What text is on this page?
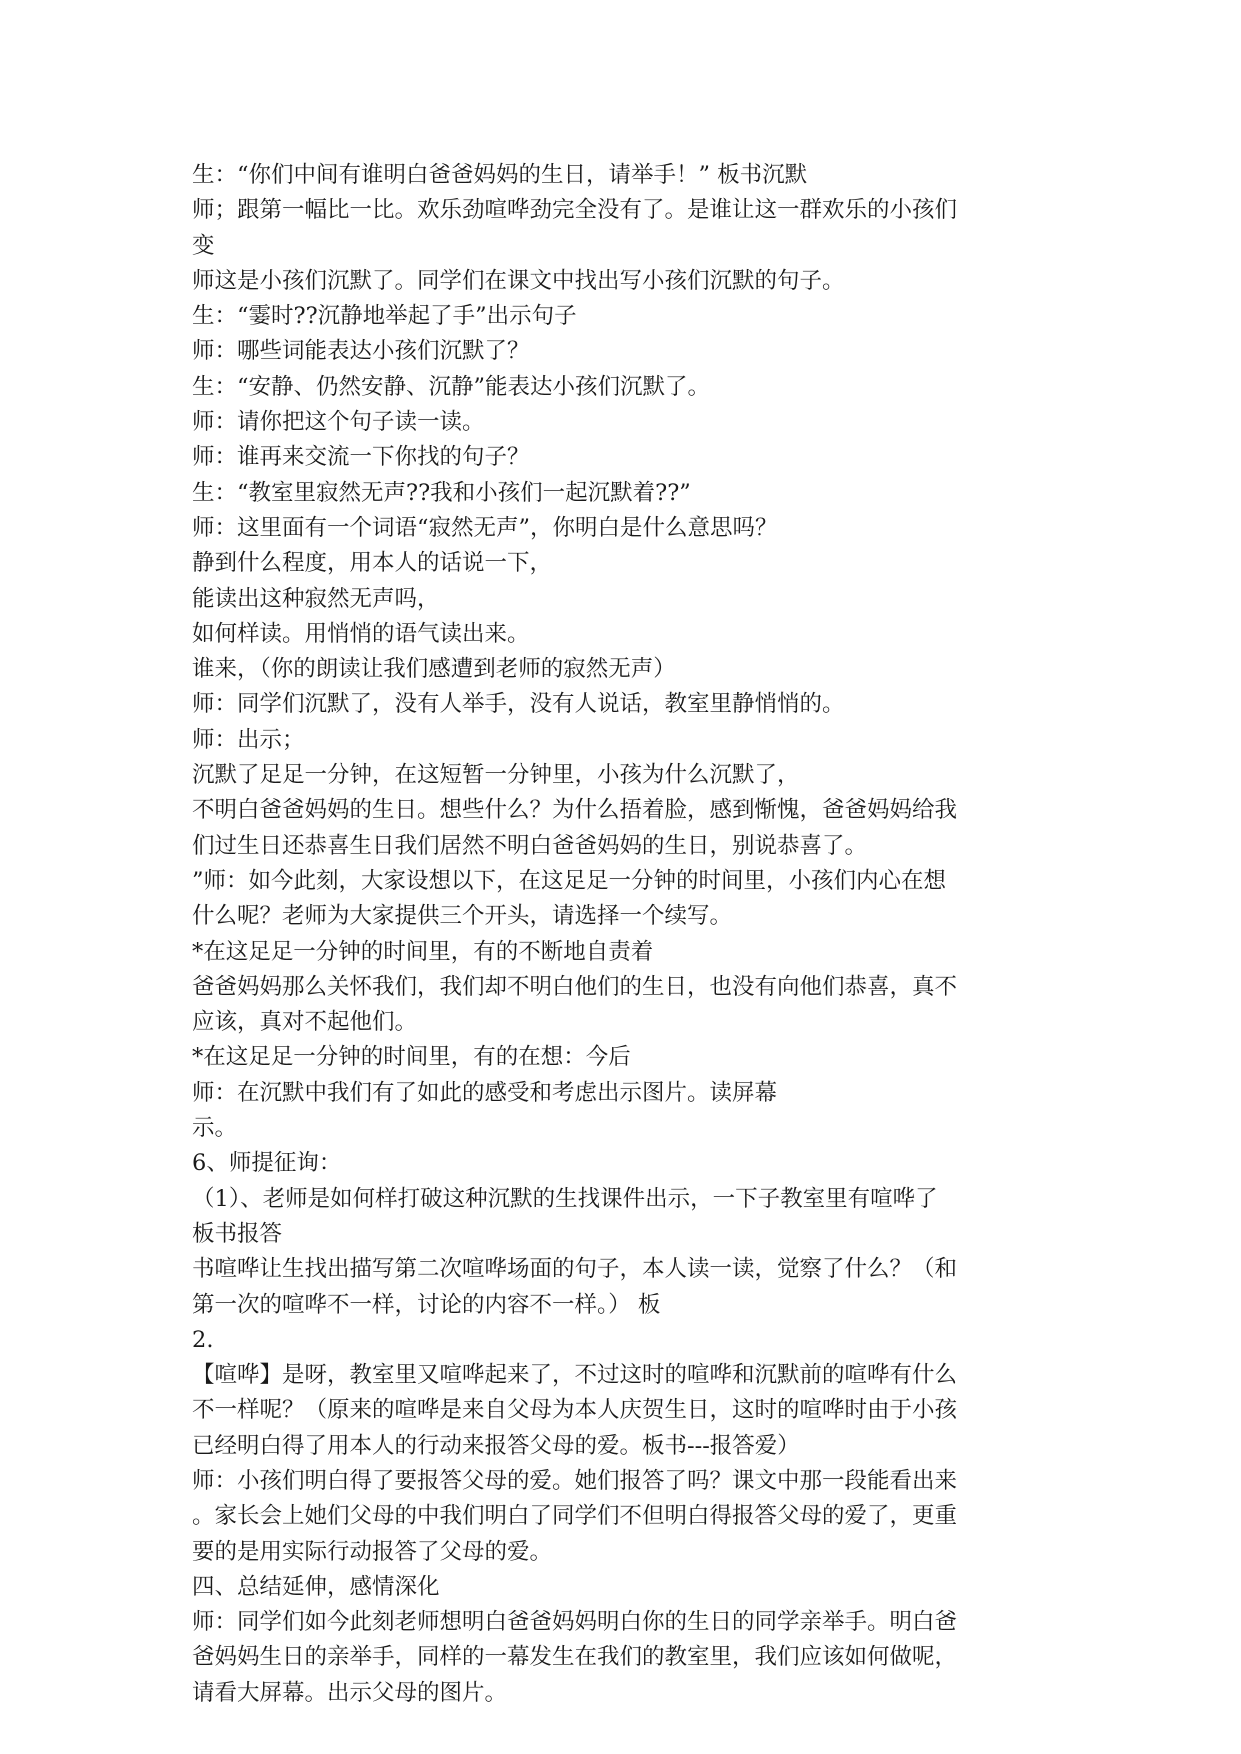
生：“你们中间有谁明白爸爸妈妈的生日，请举手！” 板书沉默
师；跟第一幅比一比。欢乐劲喧哗劲完全没有了。是谁让这一群欢乐的小孩们
变
师这是小孩们沉默了。同学们在课文中找出写小孩们沉默的句子。
生：“霎时??沉静地举起了手”出示句子
师：哪些词能表达小孩们沉默了？
生：“安静、仍然安静、沉静”能表达小孩们沉默了。
师：请你把这个句子读一读。
师：谁再来交流一下你找的句子？
生：“教室里寂然无声??我和小孩们一起沉默着??”
师：这里面有一个词语“寂然无声”，你明白是什么意思吗？
静到什么程度，用本人的话说一下，
能读出这种寂然无声吗，
如何样读。用悄悄的语气读出来。
谁来，（你的朗读让我们感遭到老师的寂然无声）
师：同学们沉默了，没有人举手，没有人说话，教室里静悄悄的。
师：出示；
沉默了足足一分钟，在这短暂一分钟里，小孩为什么沉默了，
不明白爸爸妈妈的生日。想些什么？为什么捂着脸，感到惭愧，爸爸妈妈给我
们过生日还恭喜生日我们居然不明白爸爸妈妈的生日，别说恭喜了。
”师：如今此刻，大家设想以下，在这足足一分钟的时间里，小孩们内心在想
什么呢？老师为大家提供三个开头，请选择一个续写。
*在这足足一分钟的时间里，有的不断地自责着
爸爸妈妈那么关怀我们，我们却不明白他们的生日，也没有向他们恭喜，真不
应该，真对不起他们。
*在这足足一分钟的时间里，有的在想：今后
师：在沉默中我们有了如此的感受和考虑出示图片。读屏幕
示。
6、师提征询：
（1）、老师是如何样打破这种沉默的生找课件出示，一下子教室里有喧哗了
板书报答
书喧哗让生找出描写第二次喧哗场面的句子，本人读一读，觉察了什么？（和
第一次的喧哗不一样，讨论的内容不一样。） 板
2.
【喧哗】是呀，教室里又喧哗起来了，不过这时的喧哗和沉默前的喧哗有什么
不一样呢？（原来的喧哗是来自父母为本人庆贺生日，这时的喧哗时由于小孩
已经明白得了用本人的行动来报答父母的爱。板书---报答爱）
师：小孩们明白得了要报答父母的爱。她们报答了吗？课文中那一段能看出来
。家长会上她们父母的中我们明白了同学们不但明白得报答父母的爱了，更重
要的是用实际行动报答了父母的爱。
四、总结延伸，感情深化
师：同学们如今此刻老师想明白爸爸妈妈明白你的生日的同学亲举手。明白爸
爸妈妈生日的亲举手，同样的一幕发生在我们的教室里，我们应该如何做呢，
请看大屏幕。出示父母的图片。
